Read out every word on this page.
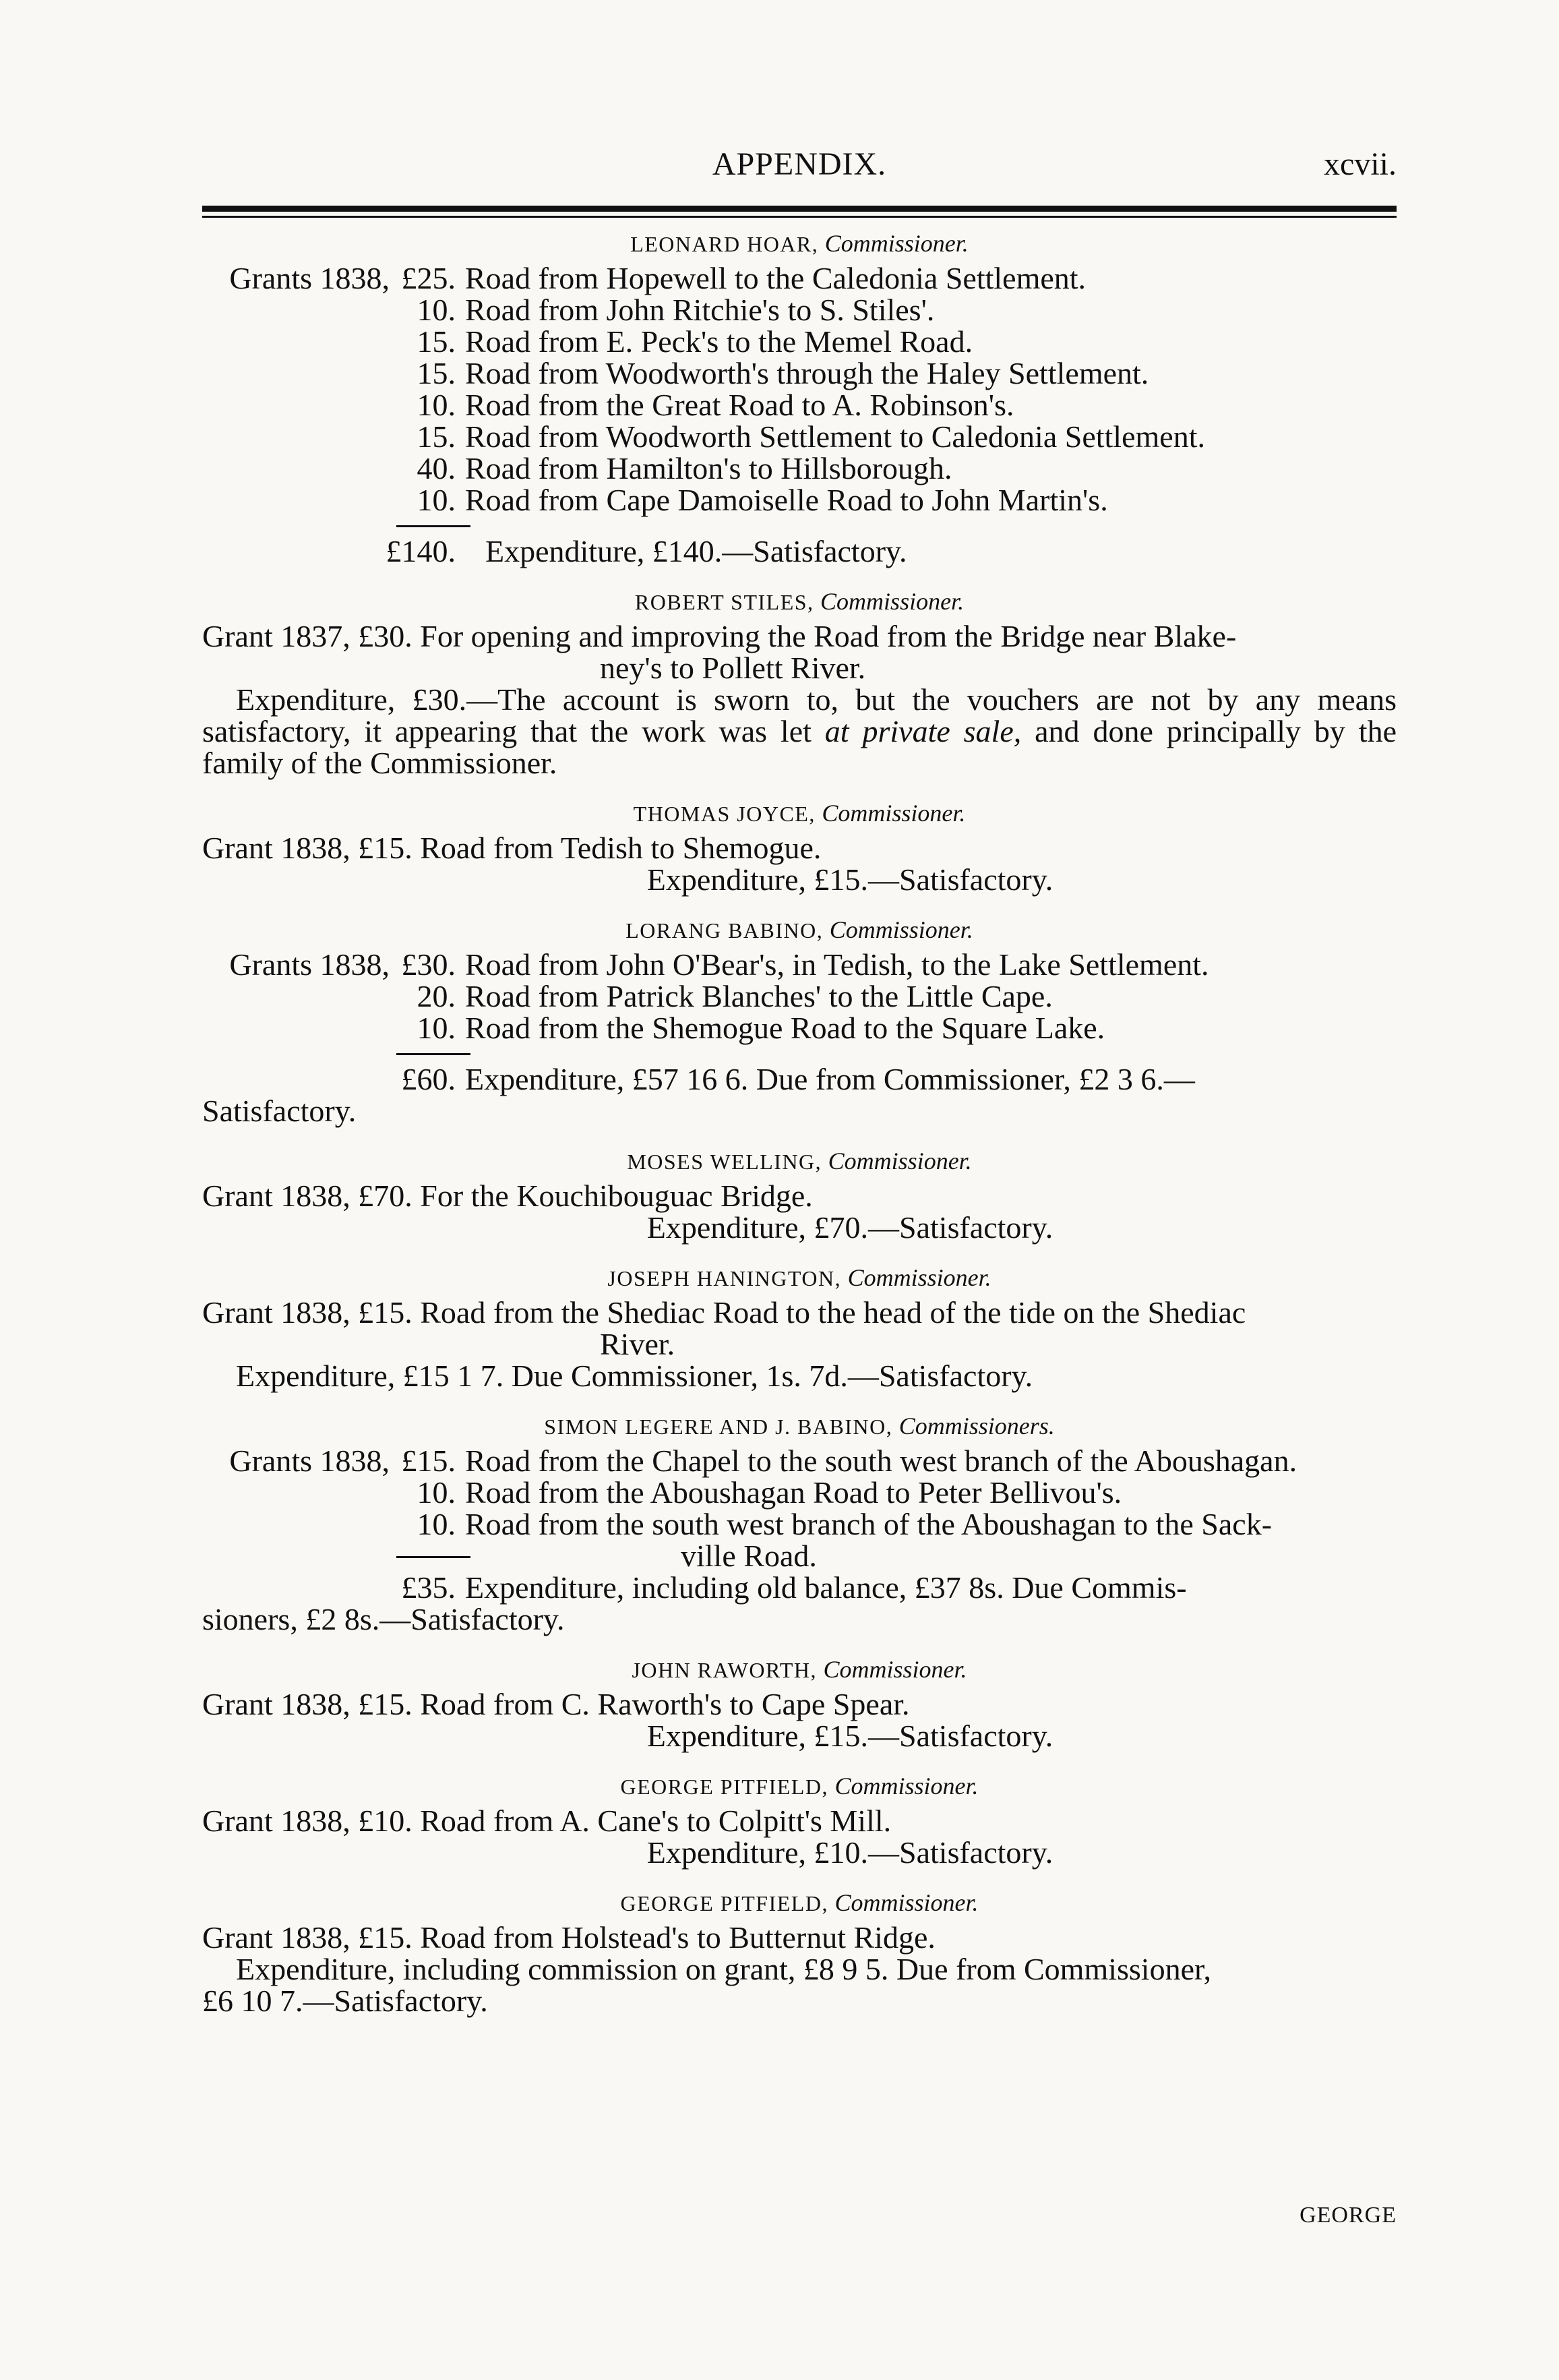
APPENDIX.	xcvii.
LEONARD HOAR, Commissioner.
Grants 1838, £25. Road from Hopewell to the Caledonia Settlement.
10. Road from John Ritchie's to S. Stiles'.
15. Road from E. Peck's to the Memel Road.
15. Road from Woodworth's through the Haley Settlement.
10. Road from the Great Road to A. Robinson's.
15. Road from Woodworth Settlement to Caledonia Settlement.
40. Road from Hamilton's to Hillsborough.
10. Road from Cape Damoiselle Road to John Martin's.
£140. Expenditure, £140.—Satisfactory.
ROBERT STILES, Commissioner.
Grant 1837, £30. For opening and improving the Road from the Bridge near Blake-
ney's to Pollett River.
Expenditure, £30.—The account is sworn to, but the vouchers are not by any means satisfactory, it appearing that the work was let at private sale, and done principally by the family of the Commissioner.
THOMAS JOYCE, Commissioner.
Grant 1838, £15. Road from Tedish to Shemogue.
Expenditure, £15.—Satisfactory.
LORANG BABINO, Commissioner.
Grants 1838, £30. Road from John O'Bear's, in Tedish, to the Lake Settlement.
20. Road from Patrick Blanches' to the Little Cape.
10. Road from the Shemogue Road to the Square Lake.
£60. Expenditure, £57 16 6. Due from Commissioner, £2 3 6.—
Satisfactory.
MOSES WELLING, Commissioner.
Grant 1838, £70. For the Kouchibouguac Bridge.
Expenditure, £70.—Satisfactory.
JOSEPH HANINGTON, Commissioner.
Grant 1838, £15. Road from the Shediac Road to the head of the tide on the Shediac
River.
Expenditure, £15 1 7. Due Commissioner, 1s. 7d.—Satisfactory.
SIMON LEGERE AND J. BABINO, Commissioners.
Grants 1838, £15. Road from the Chapel to the south west branch of the Aboushagan.
10. Road from the Aboushagan Road to Peter Bellivou's.
10. Road from the south west branch of the Aboushagan to the Sack-
ville Road.
£35. Expenditure, including old balance, £37 8s. Due Commis-
sioners, £2 8s.—Satisfactory.
JOHN RAWORTH, Commissioner.
Grant 1838, £15. Road from C. Raworth's to Cape Spear.
Expenditure, £15.—Satisfactory.
GEORGE PITFIELD, Commissioner.
Grant 1838, £10. Road from A. Cane's to Colpitt's Mill.
Expenditure, £10.—Satisfactory.
GEORGE PITFIELD, Commissioner.
Grant 1838, £15. Road from Holstead's to Butternut Ridge.
Expenditure, including commission on grant, £8 9 5. Due from Commissioner,
£6 10 7.—Satisfactory.
GEORGE
